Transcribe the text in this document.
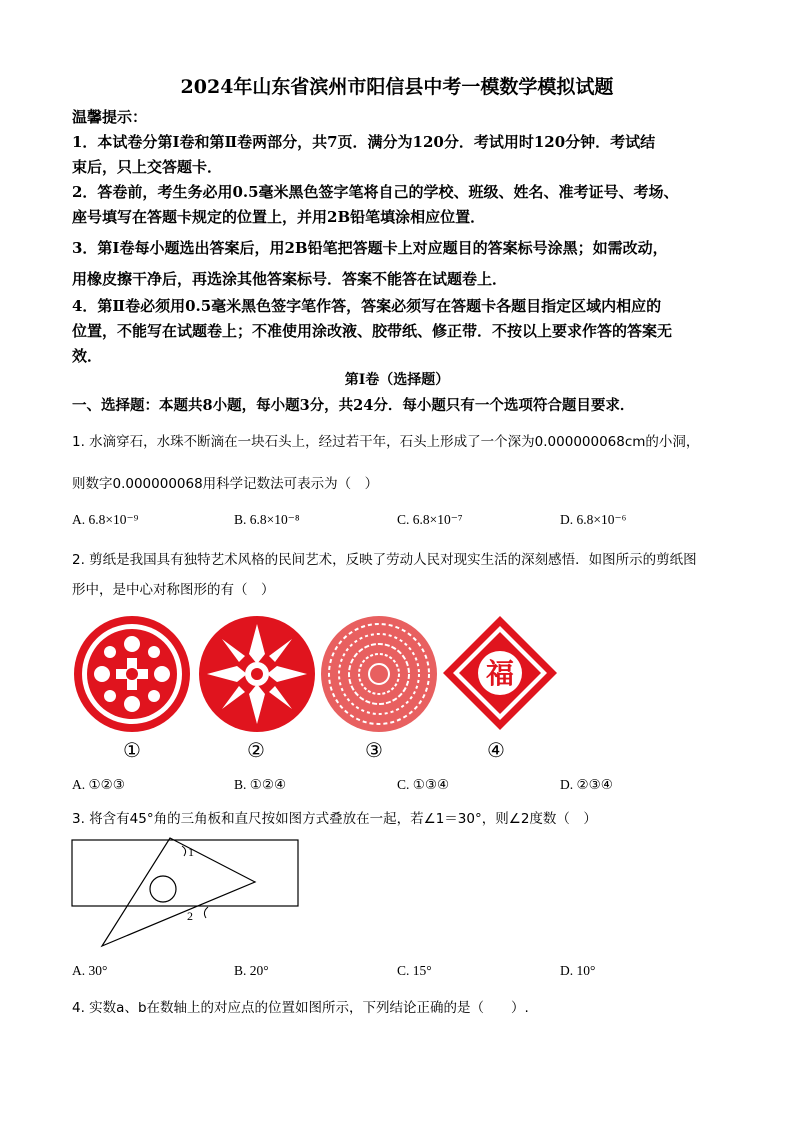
2024年山东省滨州市阳信县中考一模数学模拟试题
温馨提示：
1．本试卷分第Ⅰ卷和第Ⅱ卷两部分，共7页．满分为120分．考试用时120分钟．考试结
束后，只上交答题卡．
2．答卷前，考生务必用0.5毫米黑色签字笔将自己的学校、班级、姓名、准考证号、考场、
座号填写在答题卡规定的位置上，并用2B铅笔填涂相应位置．
3．第Ⅰ卷每小题选出答案后，用2B铅笔把答题卡上对应题目的答案标号涂黑；如需改动，
用橡皮擦干净后，再选涂其他答案标号．答案不能答在试题卷上．
4．第Ⅱ卷必须用0.5毫米黑色签字笔作答，答案必须写在答题卡各题目指定区域内相应的
位置，不能写在试题卷上；不准使用涂改液、胶带纸、修正带．不按以上要求作答的答案无
效．
第Ⅰ卷（选择题）
一、选择题：本题共8小题，每小题3分，共24分．每小题只有一个选项符合题目要求．
1. 水滴穿石，水珠不断滴在一块石头上，经过若干年，石头上形成了一个深为0.000000068cm的小洞，
则数字0.000000068用科学记数法可表示为（　）
A. 6.8×10⁻⁹	B. 6.8×10⁻⁸	C. 6.8×10⁻⁷	D. 6.8×10⁻⁶
2. 剪纸是我国具有独特艺术风格的民间艺术，反映了劳动人民对现实生活的深刻感悟．如图所示的剪纸图
形中，是中心对称图形的有（　）
福
①	②	③	④
A. ①②③	B. ①②④	C. ①③④	D. ②③④
3. 将含有45°角的三角板和直尺按如图方式叠放在一起，若∠1＝30°，则∠2度数（　）
1
2
A. 30°	B. 20°	C. 15°	D. 10°
4. 实数a、b在数轴上的对应点的位置如图所示，下列结论正确的是（　　）.
